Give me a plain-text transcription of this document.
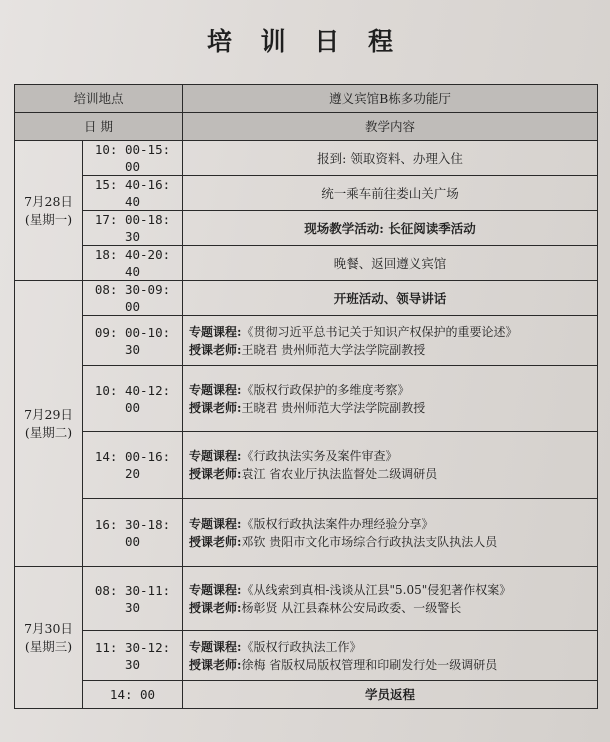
培 训 日 程
培训地点		遵义宾馆B栋多功能厅
日 期		教学内容

7月28日
(星期一)	10: 00-15: 00	报到: 领取资料、办理入住
	15: 40-16: 40	统一乘车前往娄山关广场
	17: 00-18: 30	现场教学活动: 长征阅读季活动
	18: 40-20: 40	晚餐、返回遵义宾馆

7月29日
(星期二)	08: 30-09: 00	开班活动、领导讲话
	09: 00-10: 30	专题课程:《贯彻习近平总书记关于知识产权保护的重要论述》
授课老师:王晓君 贵州师范大学法学院副教授

	10: 40-12: 00	专题课程:《版权行政保护的多维度考察》
授课老师:王晓君 贵州师范大学法学院副教授

	14: 00-16: 20	专题课程:《行政执法实务及案件审查》
授课老师:袁江 省农业厅执法监督处二级调研员

	16: 30-18: 00	专题课程:《版权行政执法案件办理经验分享》
授课老师:邓钦 贵阳市文化市场综合行政执法支队执法人员

7月30日
(星期三)	08: 30-11: 30	专题课程:《从线索到真相-浅谈从江县"5.05"侵犯著作权案》
授课老师:杨彰贤 从江县森林公安局政委、一级警长

	11: 30-12: 30	专题课程:《版权行政执法工作》
授课老师:徐梅 省版权局版权管理和印刷发行处一级调研员

	14: 00	学员返程
